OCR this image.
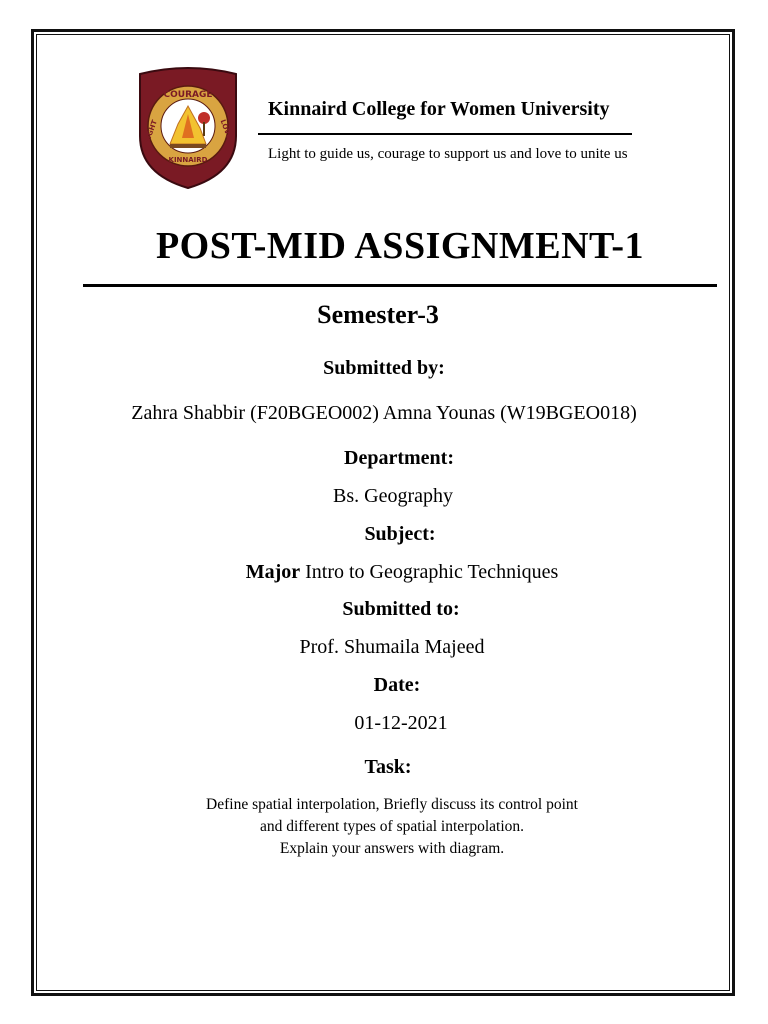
COURAGE
LIGHT	LOVE
KINNAIRD
Kinnaird College for Women University
Light to guide us, courage to support us and love to unite us
POST-MID ASSIGNMENT-1
Semester-3
Submitted by:
Zahra Shabbir (F20BGEO002) Amna Younas (W19BGEO018)
Department:
Bs. Geography
Subject:
Major Intro to Geographic Techniques
Submitted to:
Prof. Shumaila Majeed
Date:
01-12-2021
Task:
Define spatial interpolation, Briefly discuss its control point
and different types of spatial interpolation.
Explain your answers with diagram.
